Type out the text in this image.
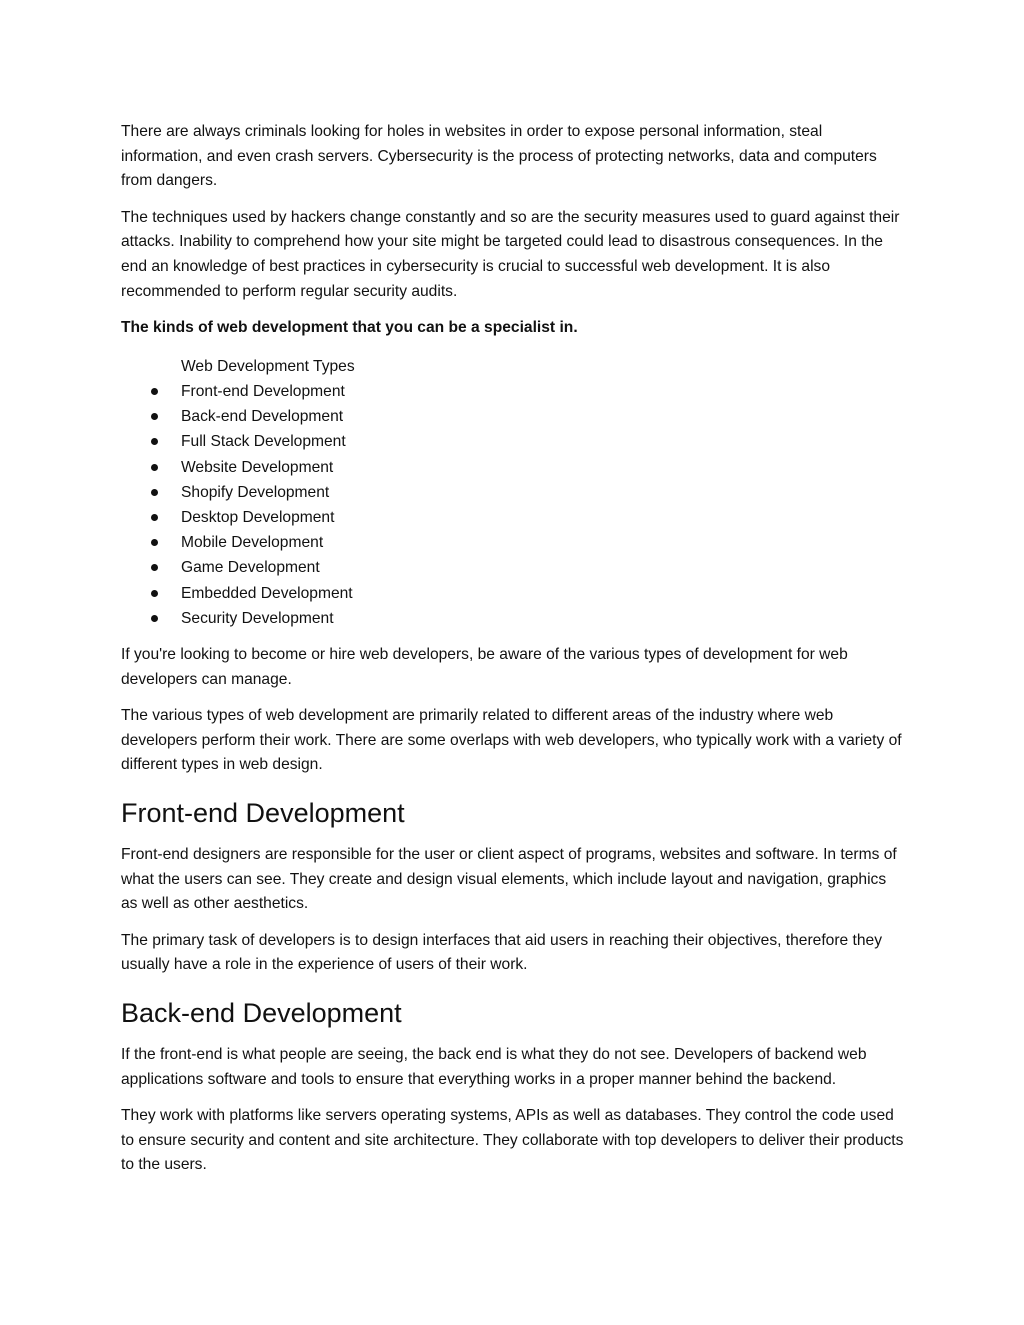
There are always criminals looking for holes in websites in order to expose personal information, steal information, and even crash servers. Cybersecurity is the process of protecting networks, data and computers from dangers.

The techniques used by hackers change constantly and so are the security measures used to guard against their attacks. Inability to comprehend how your site might be targeted could lead to disastrous consequences. In the end an knowledge of best practices in cybersecurity is crucial to successful web development. It is also recommended to perform regular security audits.

The kinds of web development that you can be a specialist in.

Web Development Types
Front-end Development
Back-end Development
Full Stack Development
Website Development
Shopify Development
Desktop Development
Mobile Development
Game Development
Embedded Development
Security Development

If you're looking to become or hire web developers, be aware of the various types of development for web developers can manage.

The various types of web development are primarily related to different areas of the industry where web developers perform their work. There are some overlaps with web developers, who typically work with a variety of different types in web design.

Front-end Development

Front-end designers are responsible for the user or client aspect of programs, websites and software. In terms of what the users can see. They create and design visual elements, which include layout and navigation, graphics as well as other aesthetics.

The primary task of developers is to design interfaces that aid users in reaching their objectives, therefore they usually have a role in the experience of users of their work.

Back-end Development

If the front-end is what people are seeing, the back end is what they do not see. Developers of backend web applications software and tools to ensure that everything works in a proper manner behind the backend.

They work with platforms like servers operating systems, APIs as well as databases. They control the code used to ensure security and content and site architecture. They collaborate with top developers to deliver their products to the users.
